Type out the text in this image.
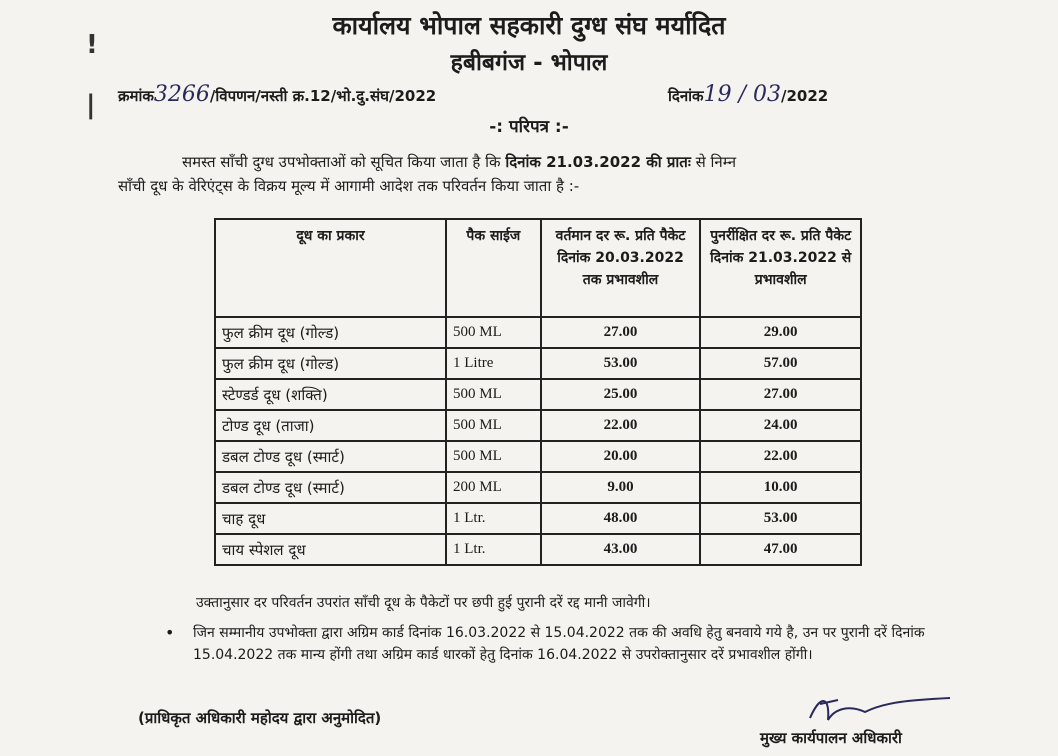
कार्यालय भोपाल सहकारी दुग्ध संघ मर्यादित
हबीबगंज - भोपाल
!
| क्रमांक3266/विपणन/नस्ती क्र.12/भो.दु.संघ/2022	दिनांक19 / 03/2022
-: परिपत्र :-
समस्त साँची दुग्ध उपभोक्ताओं को सूचित किया जाता है कि दिनांक 21.03.2022 की प्रातः से निम्न
साँची दूध के वेरिएंट्स के विक्रय मूल्य में आगामी आदेश तक परिवर्तन किया जाता है :-
दूध का प्रकार	पैक साईज	वर्तमान दर रू. प्रति पैकेट दिनांक 20.03.2022 तक प्रभावशील	पुनर्रीक्षित दर रू. प्रति पैकेट दिनांक 21.03.2022 से प्रभावशील
फुल क्रीम दूध (गोल्ड)	500 ML	27.00	29.00
फुल क्रीम दूध (गोल्ड)	1 Litre	53.00	57.00
स्टेण्डर्ड दूध (शक्ति)	500 ML	25.00	27.00
टोण्ड दूध (ताजा)	500 ML	22.00	24.00
डबल टोण्ड दूध (स्मार्ट)	500 ML	20.00	22.00
डबल टोण्ड दूध (स्मार्ट)	200 ML	9.00	10.00
चाह दूध	1 Ltr.	48.00	53.00
चाय स्पेशल दूध	1 Ltr.	43.00	47.00
उक्तानुसार दर परिवर्तन उपरांत साँची दूध के पैकेटों पर छपी हुई पुरानी दरें रद्द मानी जावेगी।
• जिन सम्मानीय उपभोक्ता द्वारा अग्रिम कार्ड दिनांक 16.03.2022 से 15.04.2022 तक की अवधि हेतु बनवाये गये है, उन पर पुरानी दरें दिनांक 15.04.2022 तक मान्य होंगी तथा अग्रिम कार्ड धारकों हेतु दिनांक 16.04.2022 से उपरोक्तानुसार दरें प्रभावशील होंगी।
(प्राधिकृत अधिकारी महोदय द्वारा अनुमोदित)
मुख्य कार्यपालन अधिकारी
